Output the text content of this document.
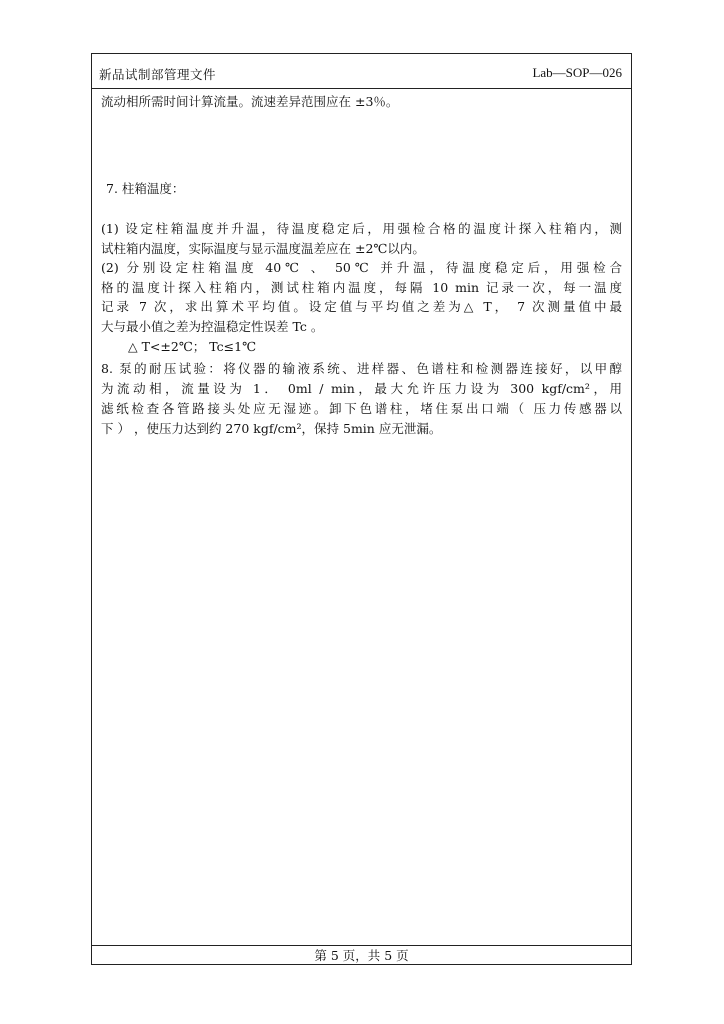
新品试制部管理文件	Lab—SOP—026
流动相所需时间计算流量。流速差异范围应在 ±3％。
7. 柱箱温度：
(1) 设定柱箱温度并升温，待温度稳定后，用强检合格的温度计探入柱箱内，测
试柱箱内温度，实际温度与显示温度温差应在 ±2℃以内。
(2) 分别设定柱箱温度 40℃ 、 50℃ 并升温，待温度稳定后，用强检合
格的温度计探入柱箱内，测试柱箱内温度，每隔 10 min 记录一次，每一温度
记录 7 次，求出算术平均值。设定值与平均值之差为△ T， 7 次测量值中最
大与最小值之差为控温稳定性误差 Tc 。
△ T<±2℃； Tc≤1℃
8. 泵的耐压试验：将仪器的输液系统、进样器、色谱柱和检测器连接好，以甲醇
为流动相，流量设为 1． 0ml / min，最大允许压力设为 300 kgf/cm²，用
滤纸检查各管路接头处应无湿迹。卸下色谱柱，堵住泵出口端（ 压力传感器以
下 ） ，使压力达到约 270 kgf/cm²，保持 5min 应无泄漏。
第 5 页，共 5 页
